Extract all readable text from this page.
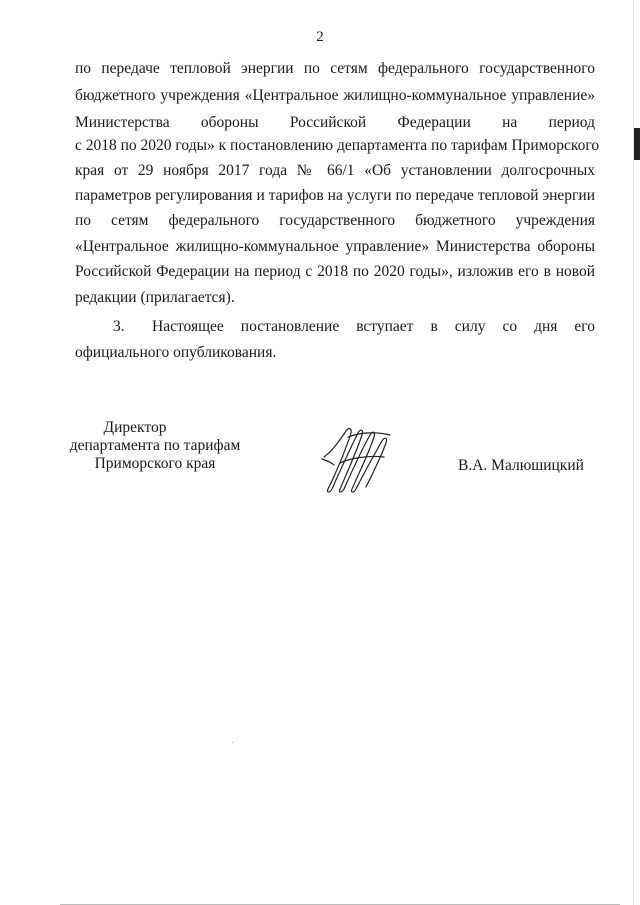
2
по передаче тепловой энергии по сетям федерального государственного
бюджетного учреждения «Центральное жилищно-коммунальное управление»
Министерства обороны Российской Федерации на период
с 2018 по 2020 годы» к постановлению департамента по тарифам Приморского
края от 29 ноября 2017 года № 66/1 «Об установлении долгосрочных
параметров регулирования и тарифов на услуги по передаче тепловой энергии
по сетям федерального государственного бюджетного учреждения
«Центральное жилищно-коммунальное управление» Министерства обороны
Российской Федерации на период с 2018 по 2020 годы», изложив его в новой
редакции (прилагается).
3.	Настоящее постановление вступает в силу со дня его
официального опубликования.
Директор
департамента по тарифам
Приморского края	В.А. Малюшицкий
